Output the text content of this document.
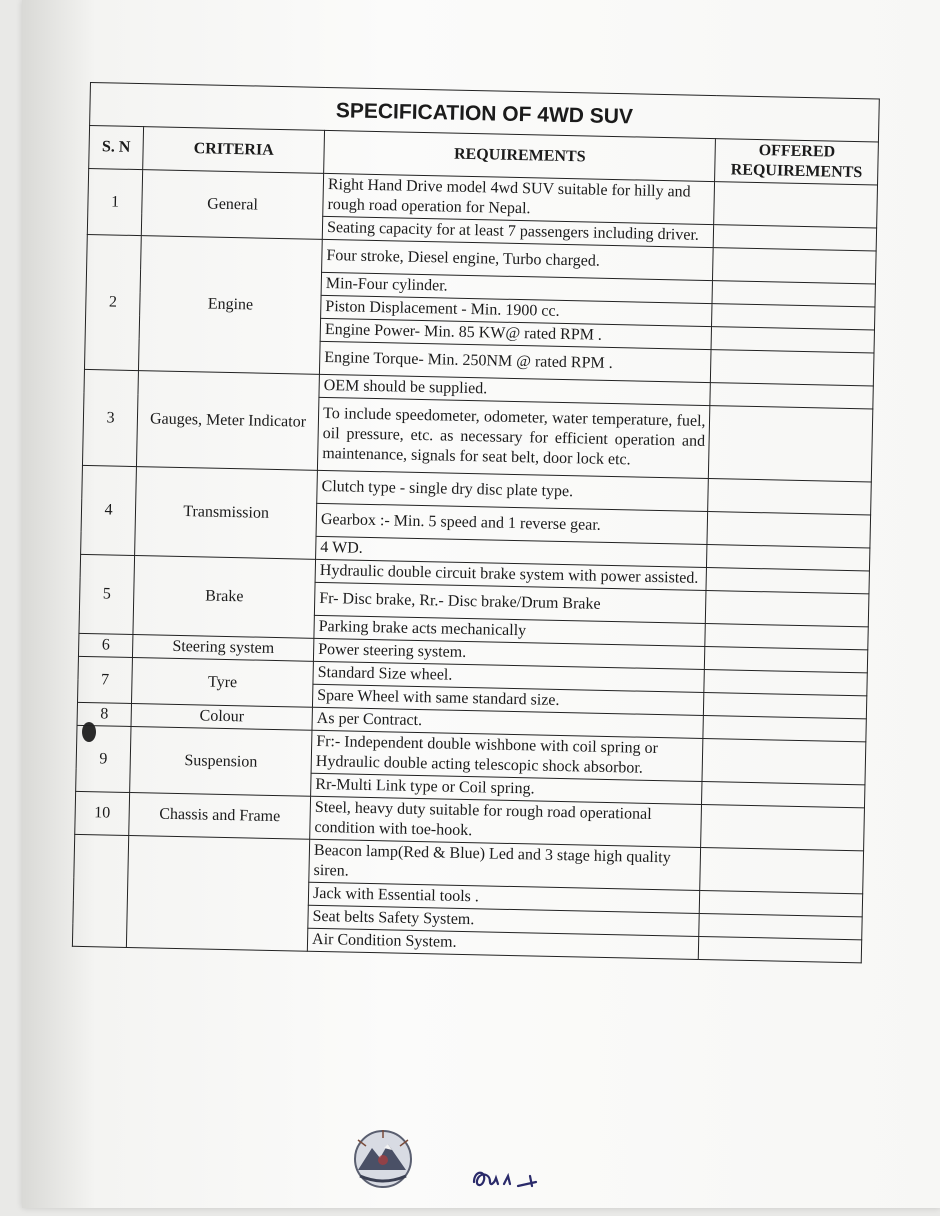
SPECIFICATION OF 4WD SUV			
S. N	CRITERIA	REQUIREMENTS	OFFERED REQUIREMENTS
1	General	Right Hand Drive model 4wd SUV suitable for hilly and rough road operation for Nepal.	
		Seating capacity for at least 7 passengers including driver.	
2	Engine	Four stroke, Diesel engine, Turbo charged.	
		Min-Four cylinder.	
		Piston Displacement - Min. 1900 cc.	
		Engine Power- Min. 85 KW@ rated RPM .	
		Engine Torque- Min. 250NM @ rated RPM .	
3	Gauges, Meter Indicator	OEM should be supplied.	
		To include speedometer, odometer, water temperature, fuel, oil pressure, etc. as necessary for efficient operation and maintenance, signals for seat belt, door lock etc.	
4	Transmission	Clutch type - single dry disc plate type.	
		Gearbox :- Min. 5 speed and 1 reverse gear.	
		4 WD.	
5	Brake	Hydraulic double circuit brake system with power assisted.	
		Fr- Disc brake, Rr.- Disc brake/Drum Brake	
		Parking brake acts mechanically	
6	Steering system	Power steering system.	
7	Tyre	Standard Size wheel.	
		Spare Wheel with same standard size.	
8	Colour	As per Contract.	
9	Suspension	Fr:- Independent double wishbone with coil spring or Hydraulic double acting telescopic shock absorbor.	
		Rr-Multi Link type or Coil spring.	
10	Chassis and Frame	Steel, heavy duty suitable for rough road operational condition with toe-hook.	
		Beacon lamp(Red & Blue) Led and 3 stage high quality siren.	
		Jack with Essential tools .	
		Seat belts Safety System.	
		Air Condition System.	
